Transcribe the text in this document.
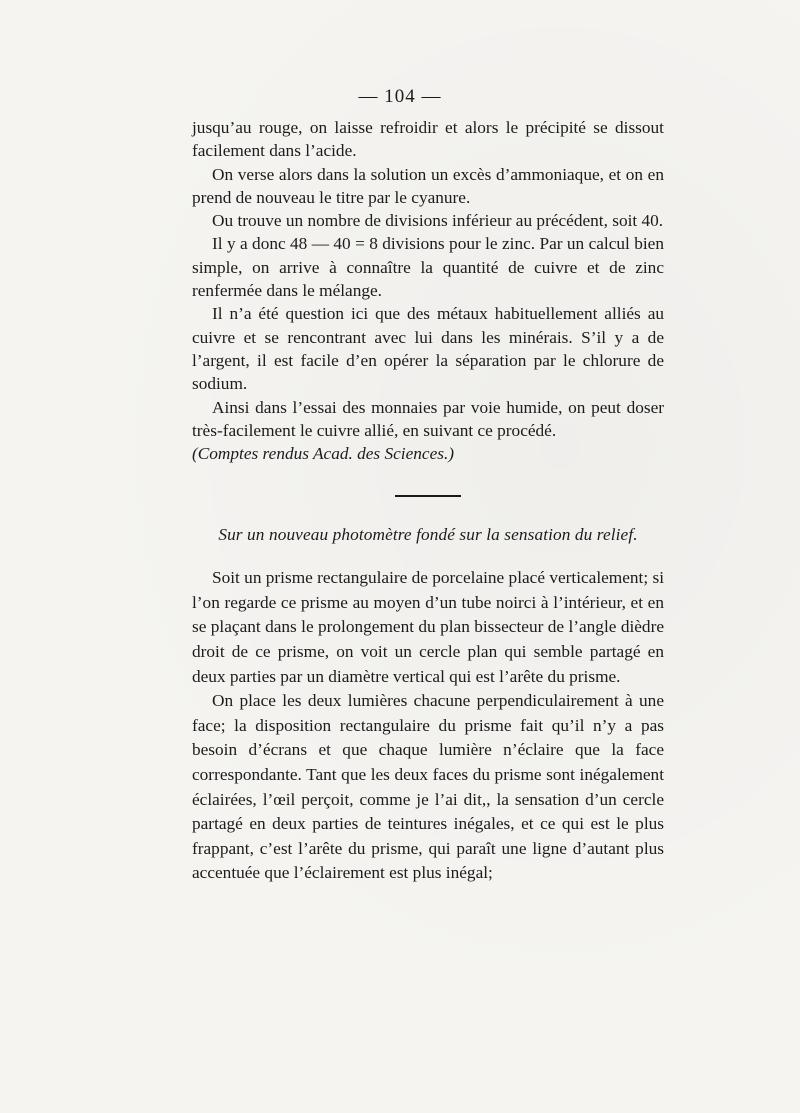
— 104 —

jusqu’au rouge, on laisse refroidir et alors le précipité se dissout facilement dans l’acide.

On verse alors dans la solution un excès d’ammoniaque, et on en prend de nouveau le titre par le cyanure.

Ou trouve un nombre de divisions inférieur au précédent, soit 40.

Il y a donc 48 — 40 = 8 divisions pour le zinc. Par un calcul bien simple, on arrive à connaître la quantité de cuivre et de zinc renfermée dans le mélange.

Il n’a été question ici que des métaux habituellement alliés au cuivre et se rencontrant avec lui dans les minérais. S’il y a de l’argent, il est facile d’en opérer la séparation par le chlorure de sodium.

Ainsi dans l’essai des monnaies par voie humide, on peut doser très-facilement le cuivre allié, en suivant ce procédé.

(Comptes rendus Acad. des Sciences.)

Sur un nouveau photomètre fondé sur la sensation du relief.

Soit un prisme rectangulaire de porcelaine placé verticalement; si l’on regarde ce prisme au moyen d’un tube noirci à l’intérieur, et en se plaçant dans le prolongement du plan bissecteur de l’angle dièdre droit de ce prisme, on voit un cercle plan qui semble partagé en deux parties par un diamètre vertical qui est l’arête du prisme.

On place les deux lumières chacune perpendiculairement à une face; la disposition rectangulaire du prisme fait qu’il n’y a pas besoin d’écrans et que chaque lumière n’éclaire que la face correspondante. Tant que les deux faces du prisme sont inégalement éclairées, l’œil perçoit, comme je l’ai dit,, la sensation d’un cercle partagé en deux parties de teintures inégales, et ce qui est le plus frappant, c’est l’arête du prisme, qui paraît une ligne d’autant plus accentuée que l’éclairement est plus inégal;
